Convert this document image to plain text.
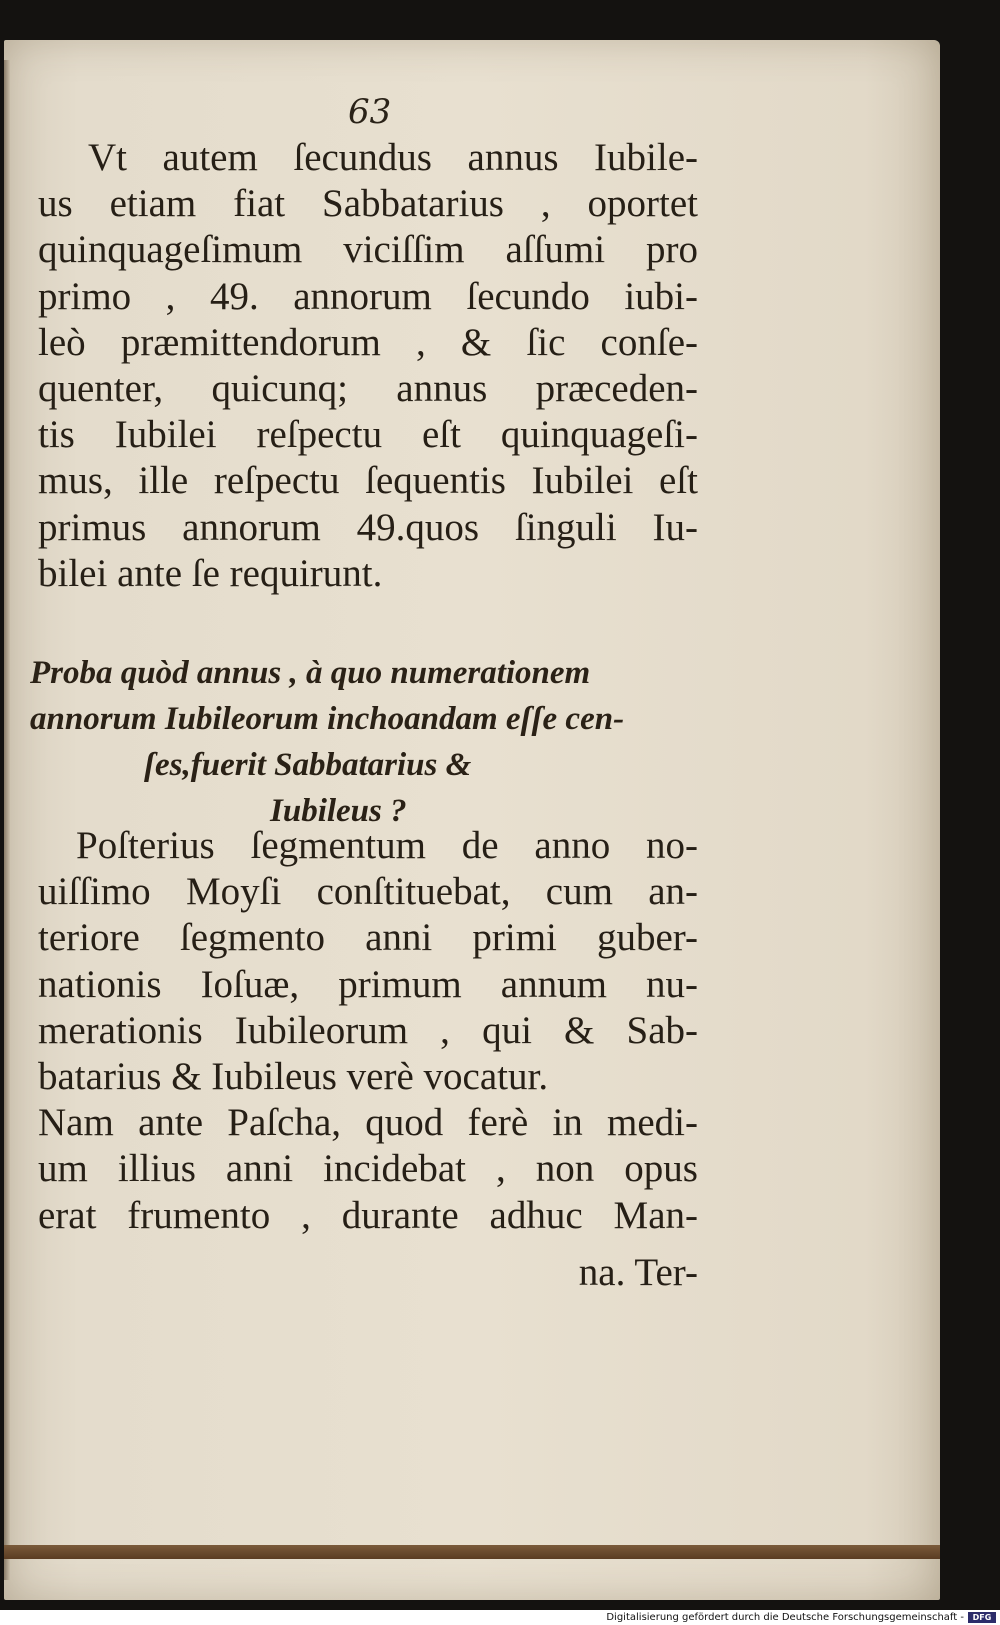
63
Vt autem ſecundus annus Iubile-
us etiam fiat Sabbatarius , oportet
quinquageſimum viciſſim aſſumi pro
primo , 49. annorum ſecundo iubi-
leò præmittendorum , & ſic conſe-
quenter, quicunq; annus præceden-
tis Iubilei reſpectu eſt quinquageſi-
mus, ille reſpectu ſequentis Iubilei eſt
primus annorum 49.quos ſinguli Iu-
bilei ante ſe requirunt.
Proba quòd annus , à quo numerationem
annorum Iubileorum inchoandam eſſe cen-
ſes,fuerit Sabbatarius &
Iubileus ?
Poſterius ſegmentum de anno no-
uiſſimo Moyſi conſtituebat, cum an-
teriore ſegmento anni primi guber-
nationis Ioſuæ, primum annum nu-
merationis Iubileorum , qui & Sab-
batarius & Iubileus verè vocatur.
Nam ante Paſcha, quod ferè in medi-
um illius anni incidebat , non opus
erat frumento , durante adhuc Man-
na. Ter-
Digitalisierung gefördert durch die Deutsche Forschungsgemeinschaft -	DFG
